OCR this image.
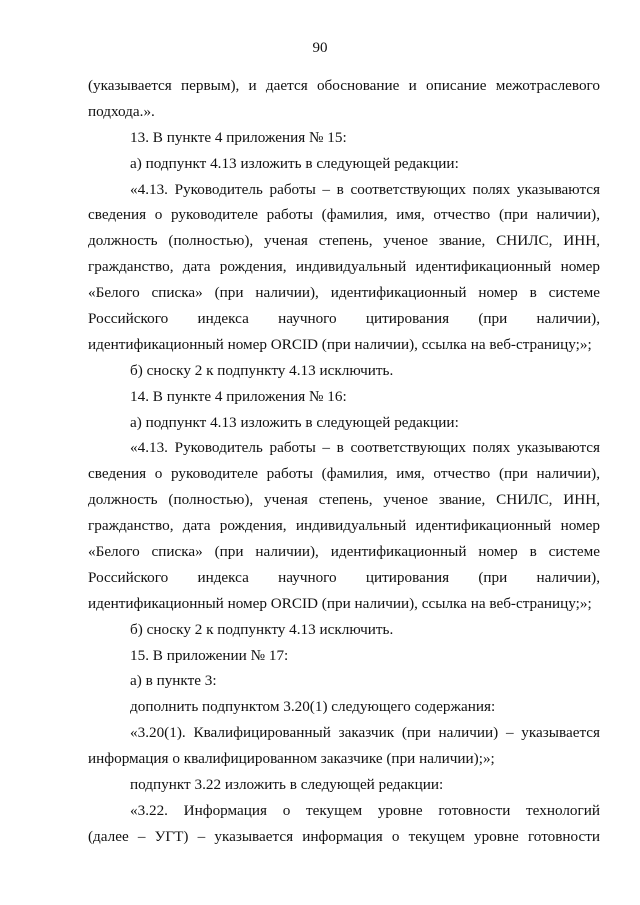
90
(указывается первым), и дается обоснование и описание межотраслевого
подхода.».
13. В пункте 4 приложения № 15:
а) подпункт 4.13 изложить в следующей редакции:
«4.13. Руководитель работы – в соответствующих полях указываются
сведения о руководителе работы (фамилия, имя, отчество (при наличии),
должность (полностью), ученая степень, ученое звание, СНИЛС, ИНН,
гражданство, дата рождения, индивидуальный идентификационный номер
«Белого списка» (при наличии), идентификационный номер в системе
Российского индекса научного цитирования (при наличии),
идентификационный номер ORCID (при наличии), ссылка на веб-страницу;»;
б) сноску 2 к подпункту 4.13 исключить.
14. В пункте 4 приложения № 16:
а) подпункт 4.13 изложить в следующей редакции:
«4.13. Руководитель работы – в соответствующих полях указываются
сведения о руководителе работы (фамилия, имя, отчество (при наличии),
должность (полностью), ученая степень, ученое звание, СНИЛС, ИНН,
гражданство, дата рождения, индивидуальный идентификационный номер
«Белого списка» (при наличии), идентификационный номер в системе
Российского индекса научного цитирования (при наличии),
идентификационный номер ORCID (при наличии), ссылка на веб-страницу;»;
б) сноску 2 к подпункту 4.13 исключить.
15. В приложении № 17:
а) в пункте 3:
дополнить подпунктом 3.20(1) следующего содержания:
«3.20(1). Квалифицированный заказчик (при наличии) – указывается
информация о квалифицированном заказчике (при наличии);»;
подпункт 3.22 изложить в следующей редакции:
«3.22. Информация о текущем уровне готовности технологий
(далее – УГТ) – указывается информация о текущем уровне готовности
